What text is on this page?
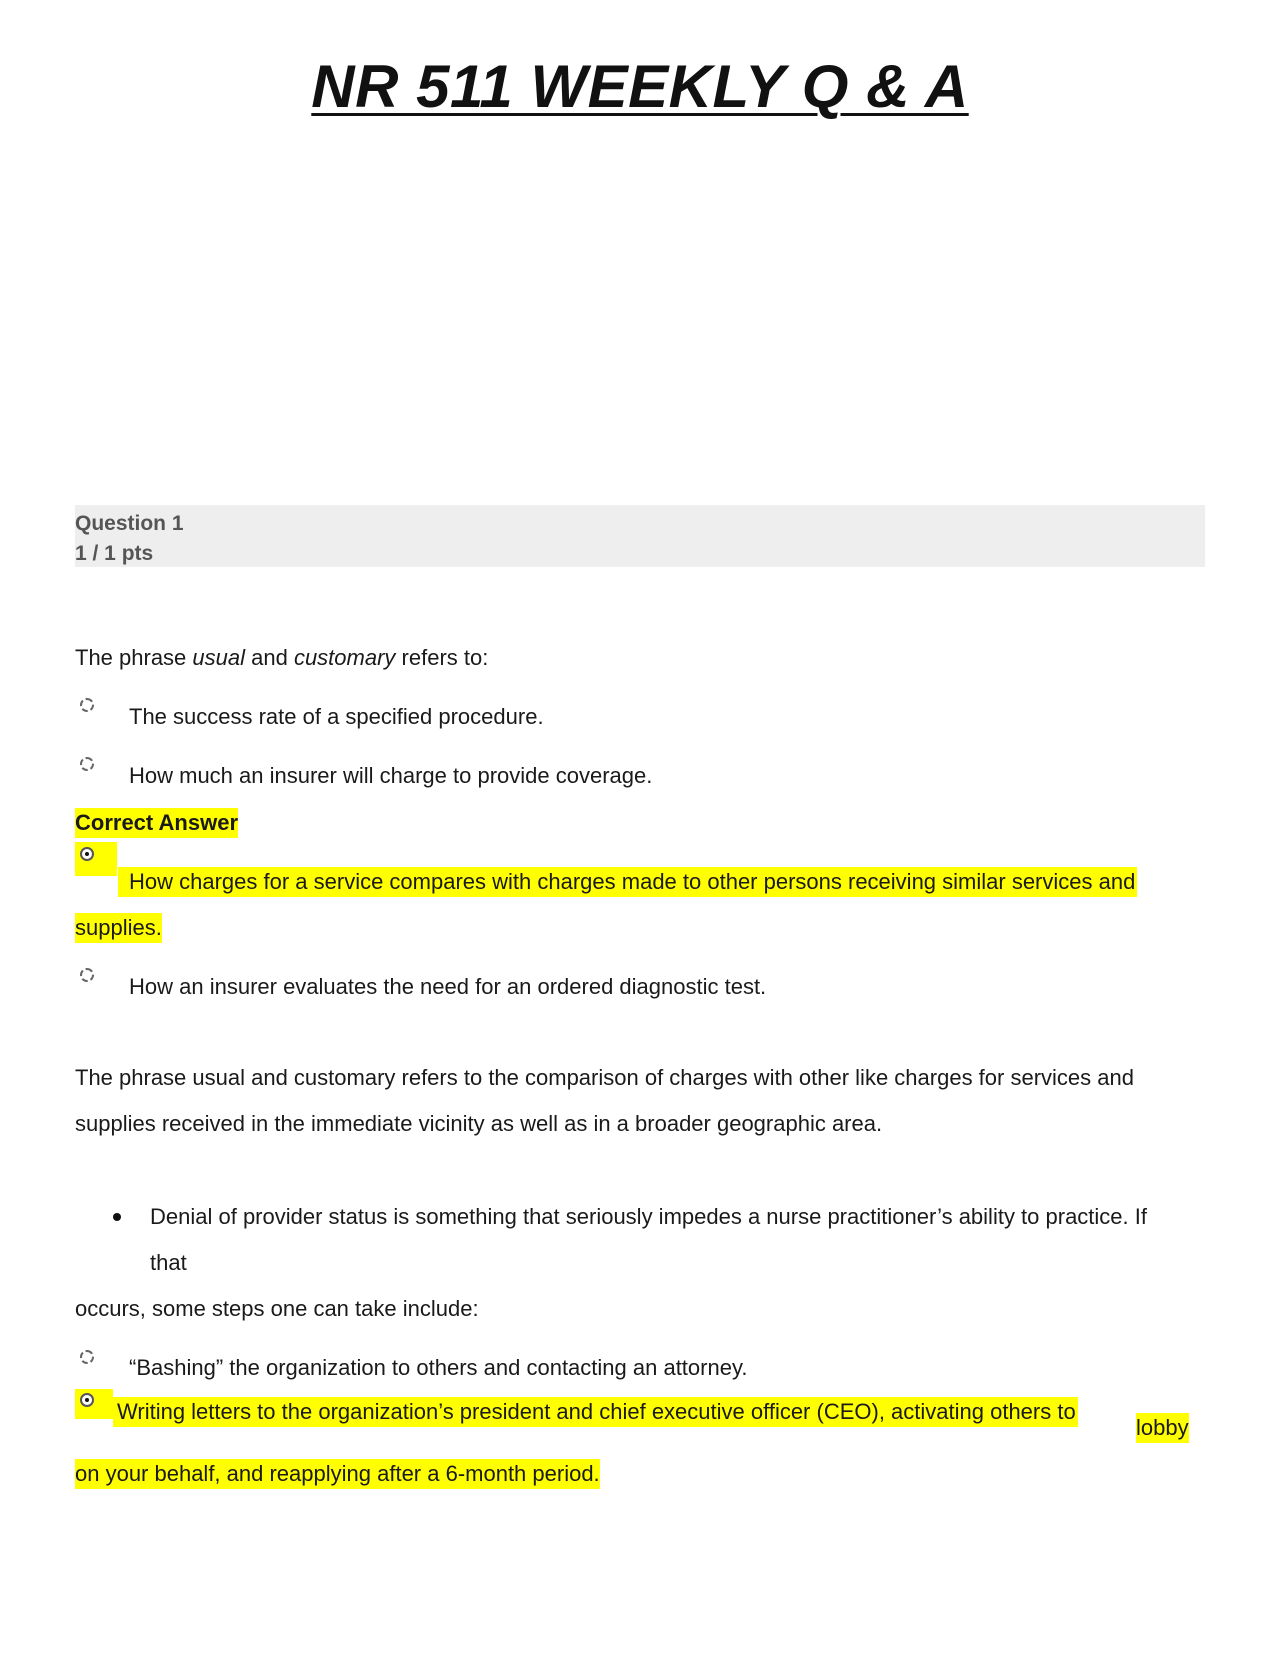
NR 511 WEEKLY Q & A
Question 1
1 / 1 pts
The phrase usual and customary refers to:
The success rate of a specified procedure.
How much an insurer will charge to provide coverage.
Correct Answer
How charges for a service compares with charges made to other persons receiving similar services and
supplies.
How an insurer evaluates the need for an ordered diagnostic test.
The phrase usual and customary refers to the comparison of charges with other like charges for services and
supplies received in the immediate vicinity as well as in a broader geographic area.
Denial of provider status is something that seriously impedes a nurse practitioner’s ability to practice. If
that
occurs, some steps one can take include:
“Bashing” the organization to others and contacting an attorney.
Writing letters to the organization’s president and chief executive officer (CEO), activating others to
lobby
on your behalf, and reapplying after a 6-month period.
